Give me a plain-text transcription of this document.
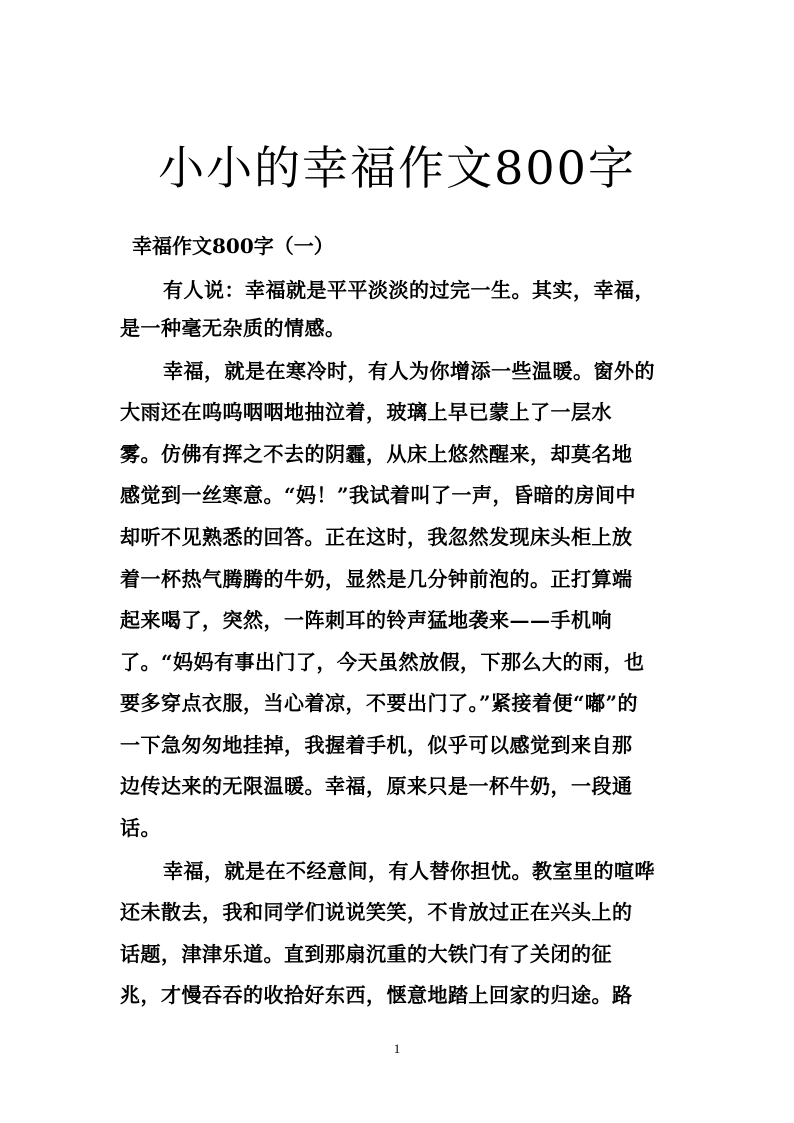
小小的幸福作文800字
幸福作文800字（一）
有人说：幸福就是平平淡淡的过完一生。其实，幸福，
是一种毫无杂质的情感。
幸福，就是在寒冷时，有人为你增添一些温暖。窗外的
大雨还在呜呜咽咽地抽泣着，玻璃上早已蒙上了一层水
雾。仿佛有挥之不去的阴霾，从床上悠然醒来，却莫名地
感觉到一丝寒意。“妈！”我试着叫了一声，昏暗的房间中
却听不见熟悉的回答。正在这时，我忽然发现床头柜上放
着一杯热气腾腾的牛奶，显然是几分钟前泡的。正打算端
起来喝了，突然，一阵刺耳的铃声猛地袭来——手机响
了。“妈妈有事出门了，今天虽然放假，下那么大的雨，也
要多穿点衣服，当心着凉，不要出门了。”紧接着便“嘟”的
一下急匆匆地挂掉，我握着手机，似乎可以感觉到来自那
边传达来的无限温暖。幸福，原来只是一杯牛奶，一段通
话。
幸福，就是在不经意间，有人替你担忧。教室里的喧哗
还未散去，我和同学们说说笑笑，不肯放过正在兴头上的
话题，津津乐道。直到那扇沉重的大铁门有了关闭的征
兆，才慢吞吞的收拾好东西，惬意地踏上回家的归途。路
1
